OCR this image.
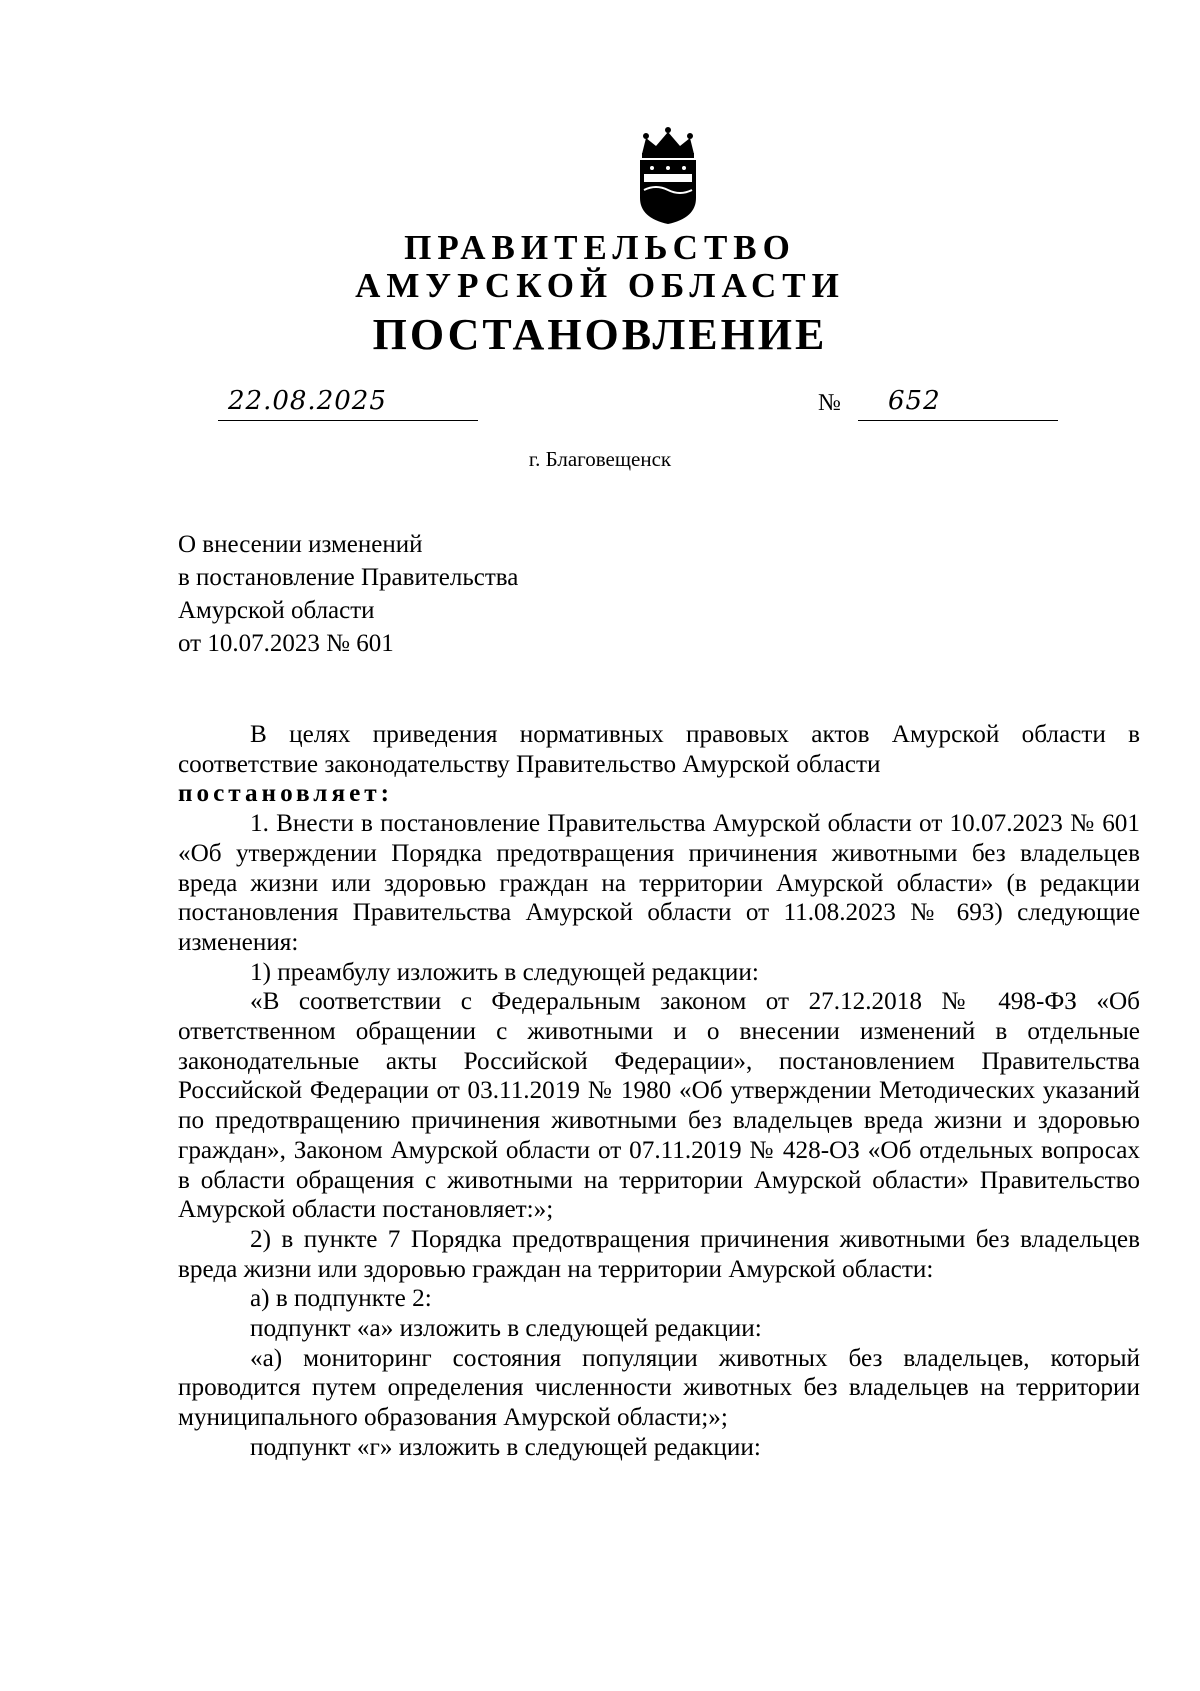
ПРАВИТЕЛЬСТВО
АМУРСКОЙ ОБЛАСТИ
ПОСТАНОВЛЕНИЕ
22.08.2025	№	652
г. Благовещенск
О внесении изменений
в постановление Правительства
Амурской области
от 10.07.2023 № 601

В целях приведения нормативных правовых актов Амурской области в соответствие законодательству Правительство Амурской области

постановляет:

1. Внести в постановление Правительства Амурской области от 10.07.2023 № 601 «Об утверждении Порядка предотвращения причинения животными без владельцев вреда жизни или здоровью граждан на территории Амурской области» (в редакции постановления Правительства Амурской области от 11.08.2023 № 693) следующие изменения:

1) преамбулу изложить в следующей редакции:

«В соответствии с Федеральным законом от 27.12.2018 № 498-ФЗ «Об ответственном обращении с животными и о внесении изменений в отдельные законодательные акты Российской Федерации», постановлением Правительства Российской Федерации от 03.11.2019 № 1980 «Об утверждении Методических указаний по предотвращению причинения животными без владельцев вреда жизни и здоровью граждан», Законом Амурской области от 07.11.2019 № 428-ОЗ «Об отдельных вопросах в области обращения с животными на территории Амурской области» Правительство Амурской области постановляет:»;

2) в пункте 7 Порядка предотвращения причинения животными без владельцев вреда жизни или здоровью граждан на территории Амурской области:

а) в подпункте 2:

подпункт «а» изложить в следующей редакции:

«а) мониторинг состояния популяции животных без владельцев, который проводится путем определения численности животных без владельцев на территории муниципального образования Амурской области;»;

подпункт «г» изложить в следующей редакции:
